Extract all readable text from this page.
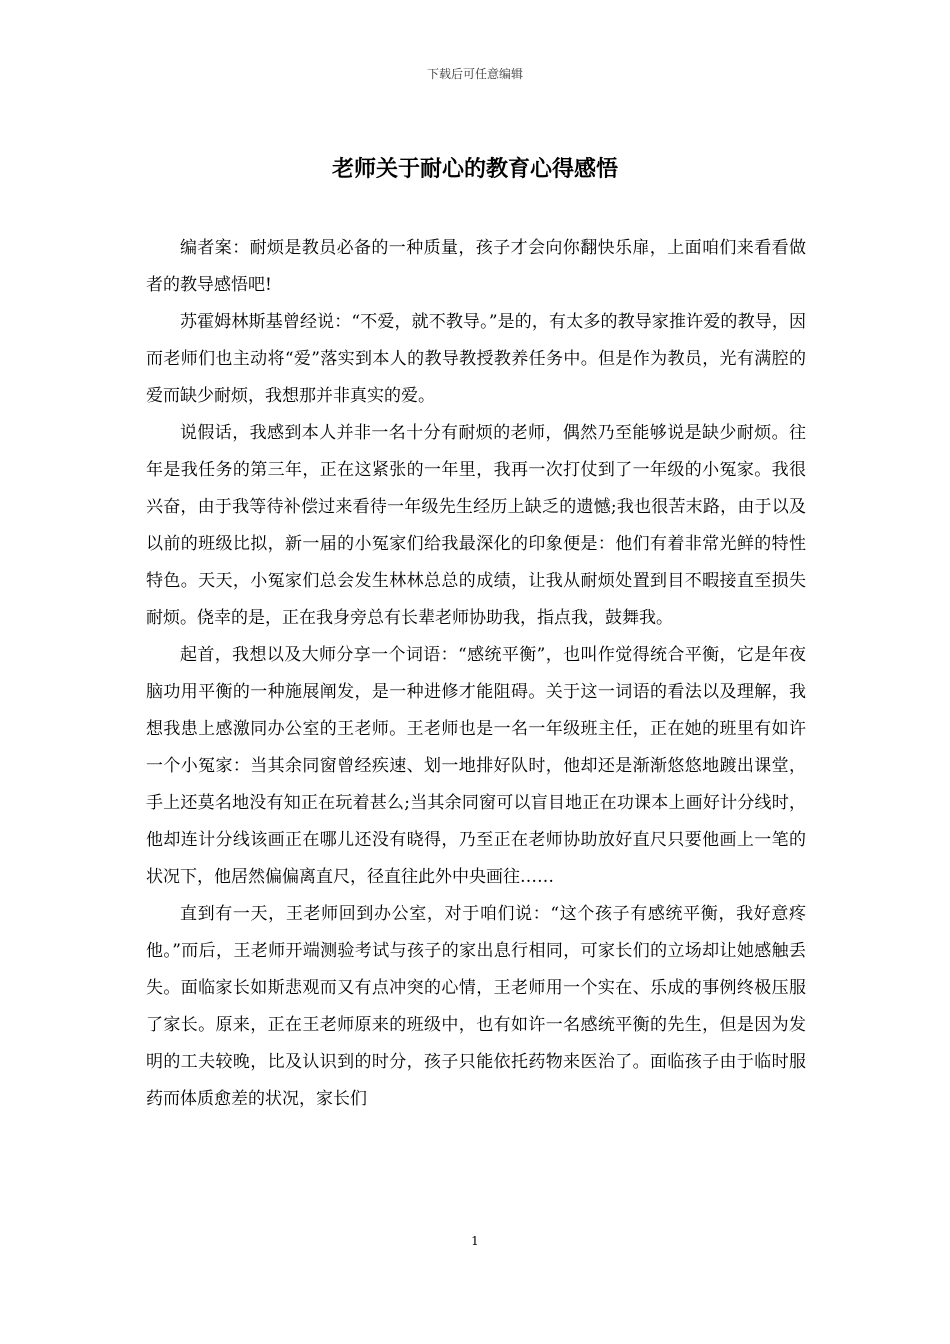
下载后可任意编辑
老师关于耐心的教育心得感悟

编者案：耐烦是教员必备的一种质量，孩子才会向你翻快乐扉，上面咱们来看看做者的教导感悟吧!

苏霍姆林斯基曾经说：“不爱，就不教导。”是的，有太多的教导家推许爱的教导，因而老师们也主动将“爱”落实到本人的教导教授教养任务中。但是作为教员，光有满腔的爱而缺少耐烦，我想那并非真实的爱。

说假话，我感到本人并非一名十分有耐烦的老师，偶然乃至能够说是缺少耐烦。往年是我任务的第三年，正在这紧张的一年里，我再一次打仗到了一年级的小冤家。我很兴奋，由于我等待补偿过来看待一年级先生经历上缺乏的遗憾;我也很苦末路，由于以及以前的班级比拟，新一届的小冤家们给我最深化的印象便是：他们有着非常光鲜的特性特色。天天，小冤家们总会发生林林总总的成绩，让我从耐烦处置到目不暇接直至损失耐烦。侥幸的是，正在我身旁总有长辈老师协助我，指点我，鼓舞我。

起首，我想以及大师分享一个词语：“感统平衡”，也叫作觉得统合平衡，它是年夜脑功用平衡的一种施展阐发，是一种进修才能阻碍。关于这一词语的看法以及理解，我想我患上感激同办公室的王老师。王老师也是一名一年级班主任，正在她的班里有如许一个小冤家：当其余同窗曾经疾速、划一地排好队时，他却还是渐渐悠悠地踱出课堂，手上还莫名地没有知正在玩着甚么;当其余同窗可以盲目地正在功课本上画好计分线时，他却连计分线该画正在哪儿还没有晓得，乃至正在老师协助放好直尺只要他画上一笔的状况下，他居然偏偏离直尺，径直往此外中央画往……

直到有一天，王老师回到办公室，对于咱们说：“这个孩子有感统平衡，我好意疼他。”而后，王老师开端测验考试与孩子的家出息行相同，可家长们的立场却让她感触丢失。面临家长如斯悲观而又有点冲突的心情，王老师用一个实在、乐成的事例终极压服了家长。原来，正在王老师原来的班级中，也有如许一名感统平衡的先生，但是因为发明的工夫较晚，比及认识到的时分，孩子只能依托药物来医治了。面临孩子由于临时服药而体质愈差的状况，家长们

1
